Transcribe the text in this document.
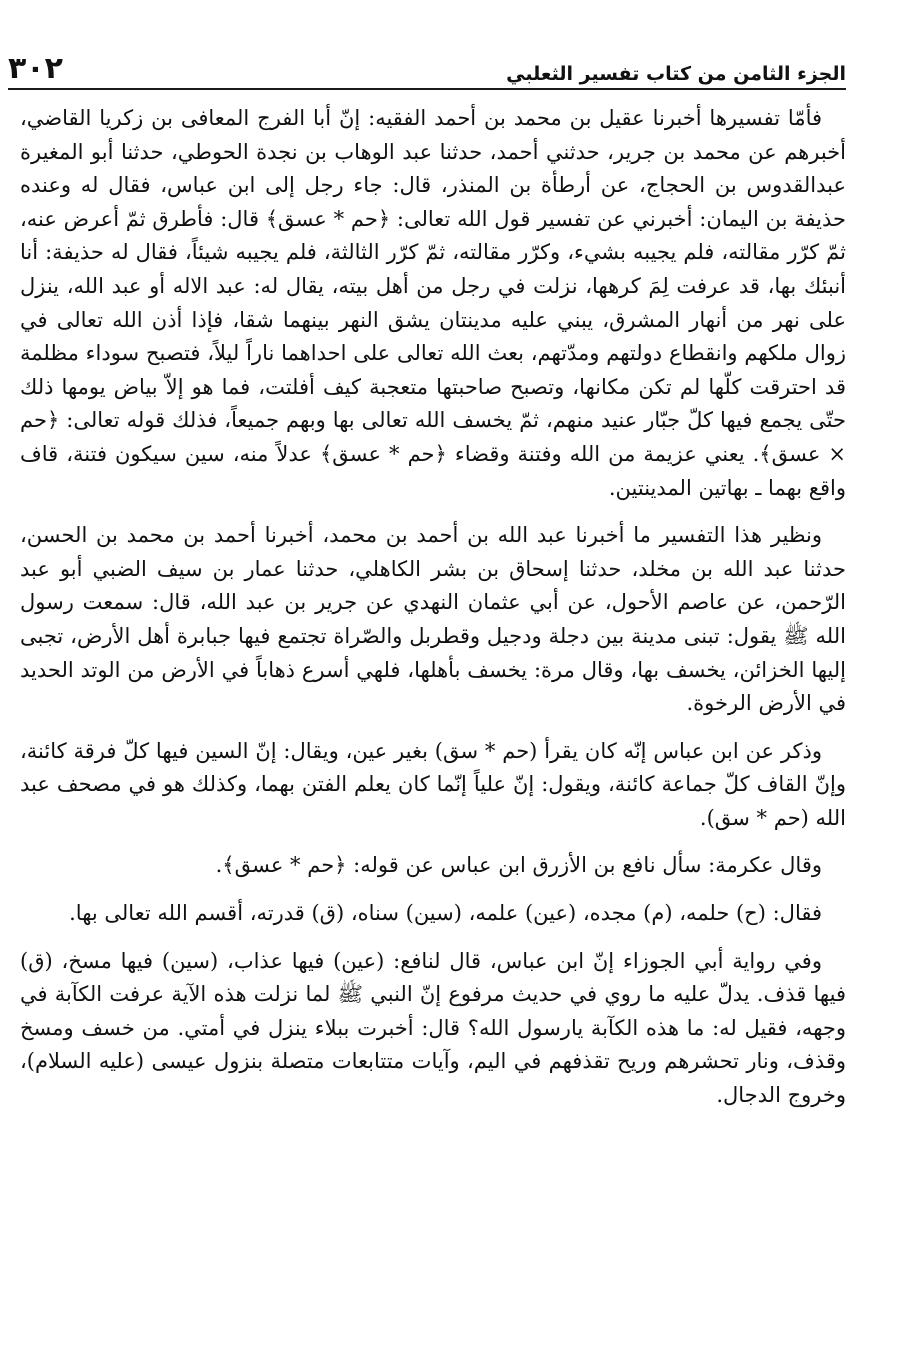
الجزء الثامن من كتاب تفسير الثعلبي
٣٠٢

فأمّا تفسيرها أخبرنا عقيل بن محمد بن أحمد الفقيه: إنّ أبا الفرج المعافى بن زكريا القاضي، أخبرهم عن محمد بن جرير، حدثني أحمد، حدثنا عبد الوهاب بن نجدة الحوطي، حدثنا أبو المغيرة عبدالقدوس بن الحجاج، عن أرطأة بن المنذر، قال: جاء رجل إلى ابن عباس، فقال له وعنده حذيفة بن اليمان: أخبرني عن تفسير قول الله تعالى: ﴿حم * عسق﴾ قال: فأطرق ثمّ أعرض عنه، ثمّ كرّر مقالته، فلم يجيبه بشيء، وكرّر مقالته، ثمّ كرّر الثالثة، فلم يجيبه شيئاً، فقال له حذيفة: أنا أنبئك بها، قد عرفت لِمَ كرهها، نزلت في رجل من أهل بيته، يقال له: عبد الاله أو عبد الله، ينزل على نهر من أنهار المشرق، يبني عليه مدينتان يشق النهر بينهما شقا، فإذا أذن الله تعالى في زوال ملكهم وانقطاع دولتهم ومدّتهم، بعث الله تعالى على احداهما ناراً ليلاً، فتصبح سوداء مظلمة قد احترقت كلّها لم تكن مكانها، وتصبح صاحبتها متعجبة كيف أفلتت، فما هو إلاّ بياض يومها ذلك حتّى يجمع فيها كلّ جبّار عنيد منهم، ثمّ يخسف الله تعالى بها وبهم جميعاً، فذلك قوله تعالى: ﴿حم × عسق﴾. يعني عزيمة من الله وفتنة وقضاء ﴿حم * عسق﴾ عدلاً منه، سين سيكون فتنة، قاف واقع بهما ـ بهاتين المدينتين.

ونظير هذا التفسير ما أخبرنا عبد الله بن أحمد بن محمد، أخبرنا أحمد بن محمد بن الحسن، حدثنا عبد الله بن مخلد، حدثنا إسحاق بن بشر الكاهلي، حدثنا عمار بن سيف الضبي أبو عبد الرّحمن، عن عاصم الأحول، عن أبي عثمان النهدي عن جرير بن عبد الله، قال: سمعت رسول الله ﷺ يقول: تبنى مدينة بين دجلة ودجيل وقطربل والصّراة تجتمع فيها جبابرة أهل الأرض، تجبى إليها الخزائن، يخسف بها، وقال مرة: يخسف بأهلها، فلهي أسرع ذهاباً في الأرض من الوتد الحديد في الأرض الرخوة.

وذكر عن ابن عباس إنّه كان يقرأ (حم * سق) بغير عين، ويقال: إنّ السين فيها كلّ فرقة كائنة، وإنّ القاف كلّ جماعة كائنة، ويقول: إنّ علياً إنّما كان يعلم الفتن بهما، وكذلك هو في مصحف عبد الله (حم * سق).

وقال عكرمة: سأل نافع بن الأزرق ابن عباس عن قوله: ﴿حم * عسق﴾.

فقال: (ح) حلمه، (م) مجده، (عين) علمه، (سين) سناه، (ق) قدرته، أقسم الله تعالى بها.

وفي رواية أبي الجوزاء إنّ ابن عباس، قال لنافع: (عين) فيها عذاب، (سين) فيها مسخ، (ق) فيها قذف. يدلّ عليه ما روي في حديث مرفوع إنّ النبي ﷺ لما نزلت هذه الآية عرفت الكآبة في وجهه، فقيل له: ما هذه الكآبة يارسول الله؟ قال: أخبرت ببلاء ينزل في أمتي. من خسف ومسخ وقذف، ونار تحشرهم وريح تقذفهم في اليم، وآيات متتابعات متصلة بنزول عيسى (عليه السلام)، وخروج الدجال.
